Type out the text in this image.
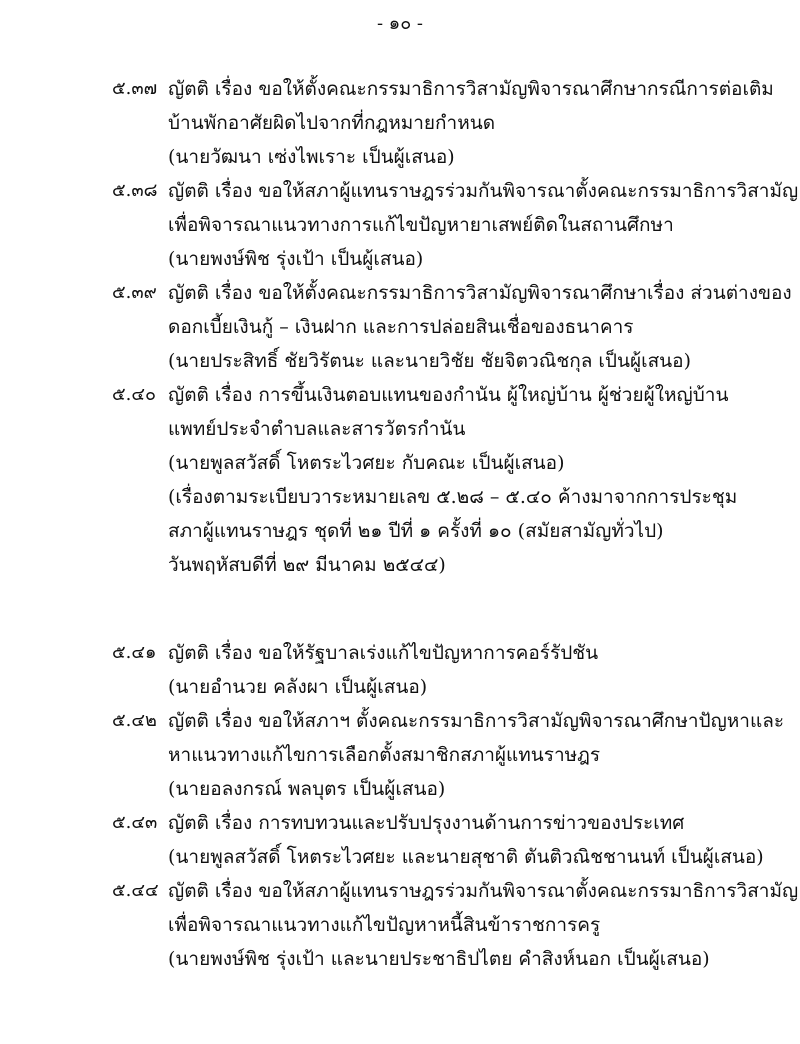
- ๑๐ -
๕.๓๗ ญัตติ เรื่อง ขอให้ตั้งคณะกรรมาธิการวิสามัญพิจารณาศึกษากรณีการต่อเติม
บ้านพักอาศัยผิดไปจากที่กฎหมายกำหนด
(นายวัฒนา เซ่งไพเราะ เป็นผู้เสนอ)
๕.๓๘ ญัตติ เรื่อง ขอให้สภาผู้แทนราษฎรร่วมกันพิจารณาตั้งคณะกรรมาธิการวิสามัญ
เพื่อพิจารณาแนวทางการแก้ไขปัญหายาเสพย์ติดในสถานศึกษา
(นายพงษ์พิช รุ่งเป้า เป็นผู้เสนอ)
๕.๓๙ ญัตติ เรื่อง ขอให้ตั้งคณะกรรมาธิการวิสามัญพิจารณาศึกษาเรื่อง ส่วนต่างของ
ดอกเบี้ยเงินกู้ – เงินฝาก และการปล่อยสินเชื่อของธนาคาร
(นายประสิทธิ์ ชัยวิรัตนะ และนายวิชัย ชัยจิตวณิชกุล เป็นผู้เสนอ)
๕.๔๐ ญัตติ เรื่อง การขึ้นเงินตอบแทนของกำนัน ผู้ใหญ่บ้าน ผู้ช่วยผู้ใหญ่บ้าน
แพทย์ประจำตำบลและสารวัตรกำนัน
(นายพูลสวัสดิ์ โหตระไวศยะ กับคณะ เป็นผู้เสนอ)
(เรื่องตามระเบียบวาระหมายเลข ๕.๒๘ – ๕.๔๐ ค้างมาจากการประชุม
สภาผู้แทนราษฎร ชุดที่ ๒๑ ปีที่ ๑ ครั้งที่ ๑๐ (สมัยสามัญทั่วไป)
วันพฤหัสบดีที่ ๒๙ มีนาคม ๒๕๔๔)
๕.๔๑ ญัตติ เรื่อง ขอให้รัฐบาลเร่งแก้ไขปัญหาการคอร์รัปชัน
(นายอำนวย คลังผา เป็นผู้เสนอ)
๕.๔๒ ญัตติ เรื่อง ขอให้สภาฯ ตั้งคณะกรรมาธิการวิสามัญพิจารณาศึกษาปัญหาและ
หาแนวทางแก้ไขการเลือกตั้งสมาชิกสภาผู้แทนราษฎร
(นายอลงกรณ์ พลบุตร เป็นผู้เสนอ)
๕.๔๓ ญัตติ เรื่อง การทบทวนและปรับปรุงงานด้านการข่าวของประเทศ
(นายพูลสวัสดิ์ โหตระไวศยะ และนายสุชาติ ตันติวณิชชานนท์ เป็นผู้เสนอ)
๕.๔๔ ญัตติ เรื่อง ขอให้สภาผู้แทนราษฎรร่วมกันพิจารณาตั้งคณะกรรมาธิการวิสามัญ
เพื่อพิจารณาแนวทางแก้ไขปัญหาหนี้สินข้าราชการครู
(นายพงษ์พิช รุ่งเป้า และนายประชาธิปไตย คำสิงห์นอก เป็นผู้เสนอ)
